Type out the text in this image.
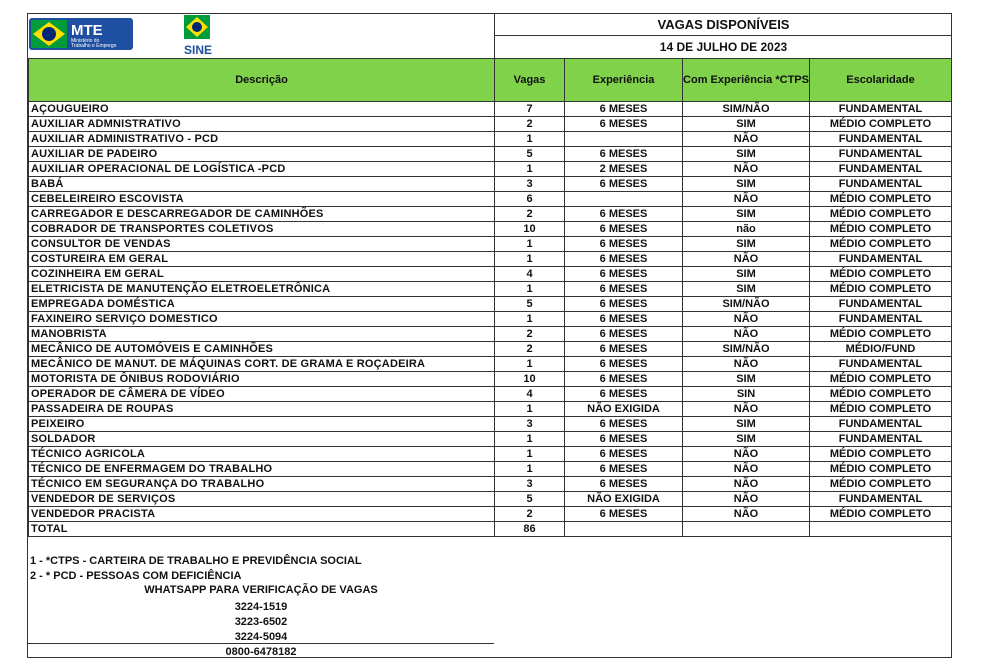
MTE
Ministério do
Trabalho e Emprego	SINE
VAGAS DISPONÍVEIS
14 DE JULHO DE 2023
Descrição	Vagas	Experiência	Com Experiência *CTPS	Escolaridade
AÇOUGUEIRO	7	6 MESES	SIM/NÃO	FUNDAMENTAL
AUXILIAR ADMNISTRATIVO	2	6 MESES	SIM	MÉDIO COMPLETO
AUXILIAR ADMINISTRATIVO - PCD	1		NÃO	FUNDAMENTAL
AUXILIAR DE PADEIRO	5	6 MESES	SIM	FUNDAMENTAL
AUXILIAR OPERACIONAL DE LOGÍSTICA -PCD	1	2 MESES	NÃO	FUNDAMENTAL
BABÁ	3	6 MESES	SIM	FUNDAMENTAL
CEBELEIREIRO ESCOVISTA	6		NÃO	MÉDIO COMPLETO
CARREGADOR E DESCARREGADOR DE CAMINHÕES	2	6 MESES	SIM	MÉDIO COMPLETO
COBRADOR DE TRANSPORTES COLETIVOS	10	6 MESES	não	MÉDIO COMPLETO
CONSULTOR DE VENDAS	1	6 MESES	SIM	MÉDIO COMPLETO
COSTUREIRA EM GERAL	1	6 MESES	NÃO	FUNDAMENTAL
COZINHEIRA EM GERAL	4	6 MESES	SIM	MÉDIO COMPLETO
ELETRICISTA DE MANUTENÇÃO ELETROELETRÔNICA	1	6 MESES	SIM	MÉDIO COMPLETO
EMPREGADA DOMÉSTICA	5	6 MESES	SIM/NÃO	FUNDAMENTAL
FAXINEIRO SERVIÇO DOMESTICO	1	6 MESES	NÃO	FUNDAMENTAL
MANOBRISTA	2	6 MESES	NÃO	MÉDIO COMPLETO
MECÂNICO DE AUTOMÓVEIS E CAMINHÕES	2	6 MESES	SIM/NÃO	MÉDIO/FUND
MECÂNICO DE MANUT. DE MÁQUINAS CORT. DE GRAMA E ROÇADEIRA	1	6 MESES	NÃO	FUNDAMENTAL
MOTORISTA DE ÔNIBUS RODOVIÁRIO	10	6 MESES	SIM	MÉDIO COMPLETO
OPERADOR DE CÂMERA DE VÍDEO	4	6 MESES	SIN	MÉDIO COMPLETO
PASSADEIRA DE ROUPAS	1	NÃO EXIGIDA	NÃO	MÉDIO COMPLETO
PEIXEIRO	3	6 MESES	SIM	FUNDAMENTAL
SOLDADOR	1	6 MESES	SIM	FUNDAMENTAL
TÉCNICO AGRICOLA	1	6 MESES	NÃO	MÉDIO COMPLETO
TÉCNICO DE ENFERMAGEM DO TRABALHO	1	6 MESES	NÃO	MÉDIO COMPLETO
TÉCNICO EM SEGURANÇA DO TRABALHO	3	6 MESES	NÃO	MÉDIO COMPLETO
VENDEDOR DE SERVIÇOS	5	NÃO EXIGIDA	NÃO	FUNDAMENTAL
VENDEDOR PRACISTA	2	6 MESES	NÃO	MÉDIO COMPLETO
TOTAL	86			
1 - *CTPS - CARTEIRA DE TRABALHO E PREVIDÊNCIA SOCIAL
2 - * PCD - PESSOAS COM DEFICIÊNCIA
WHATSAPP PARA VERIFICAÇÃO DE VAGAS
3224-1519
3223-6502
3224-5094
0800-6478182
